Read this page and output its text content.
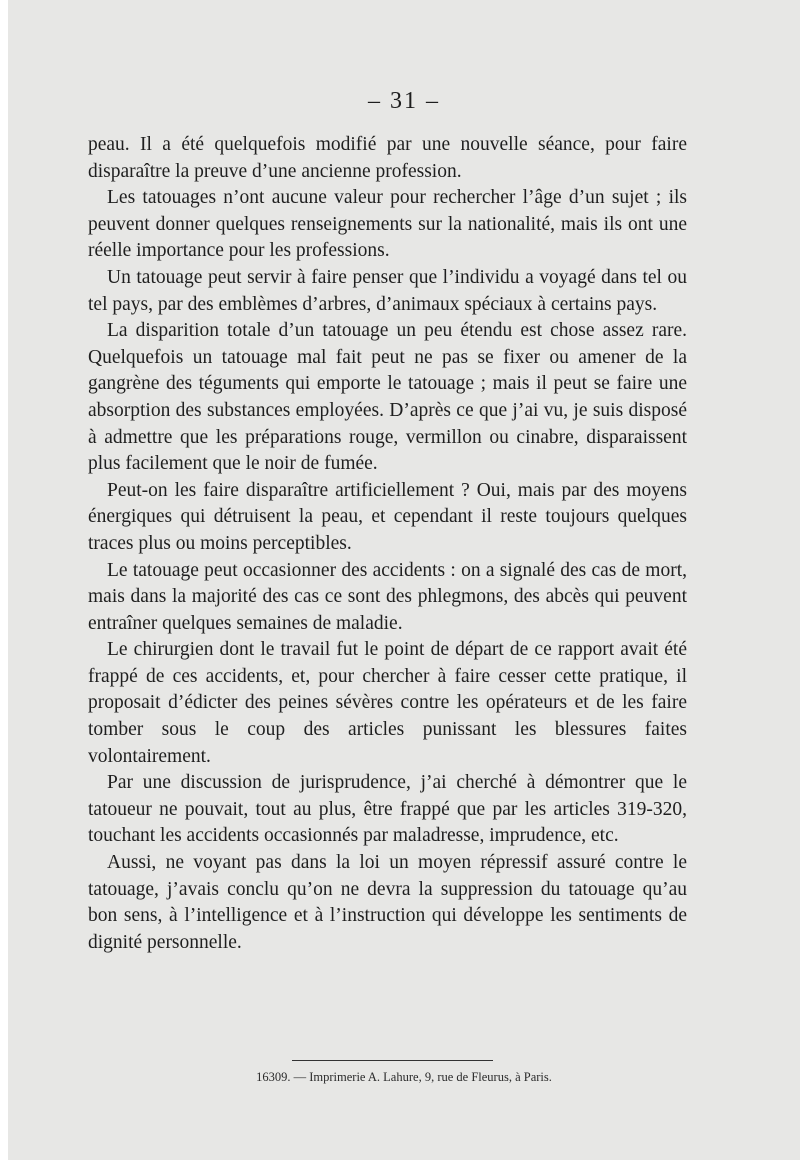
– 31 –

peau. Il a été quelquefois modifié par une nouvelle séance, pour faire disparaître la preuve d’une ancienne profession.

Les tatouages n’ont aucune valeur pour rechercher l’âge d’un sujet ; ils peuvent donner quelques renseignements sur la nationalité, mais ils ont une réelle importance pour les professions.

Un tatouage peut servir à faire penser que l’individu a voyagé dans tel ou tel pays, par des emblèmes d’arbres, d’animaux spéciaux à certains pays.

La disparition totale d’un tatouage un peu étendu est chose assez rare. Quelquefois un tatouage mal fait peut ne pas se fixer ou amener de la gangrène des téguments qui emporte le tatouage ; mais il peut se faire une absorption des substances employées. D’après ce que j’ai vu, je suis disposé à admettre que les préparations rouge, vermillon ou cinabre, disparaissent plus facilement que le noir de fumée.

Peut-on les faire disparaître artificiellement ? Oui, mais par des moyens énergiques qui détruisent la peau, et cependant il reste toujours quelques traces plus ou moins perceptibles.

Le tatouage peut occasionner des accidents : on a signalé des cas de mort, mais dans la majorité des cas ce sont des phlegmons, des abcès qui peuvent entraîner quelques semaines de maladie.

Le chirurgien dont le travail fut le point de départ de ce rapport avait été frappé de ces accidents, et, pour chercher à faire cesser cette pratique, il proposait d’édicter des peines sévères contre les opérateurs et de les faire tomber sous le coup des articles punissant les blessures faites volontairement.

Par une discussion de jurisprudence, j’ai cherché à démontrer que le tatoueur ne pouvait, tout au plus, être frappé que par les articles 319-320, touchant les accidents occasionnés par maladresse, imprudence, etc.

Aussi, ne voyant pas dans la loi un moyen répressif assuré contre le tatouage, j’avais conclu qu’on ne devra la suppression du tatouage qu’au bon sens, à l’intelligence et à l’instruction qui développe les sentiments de dignité personnelle.

16309. — Imprimerie A. Lahure, 9, rue de Fleurus, à Paris.
